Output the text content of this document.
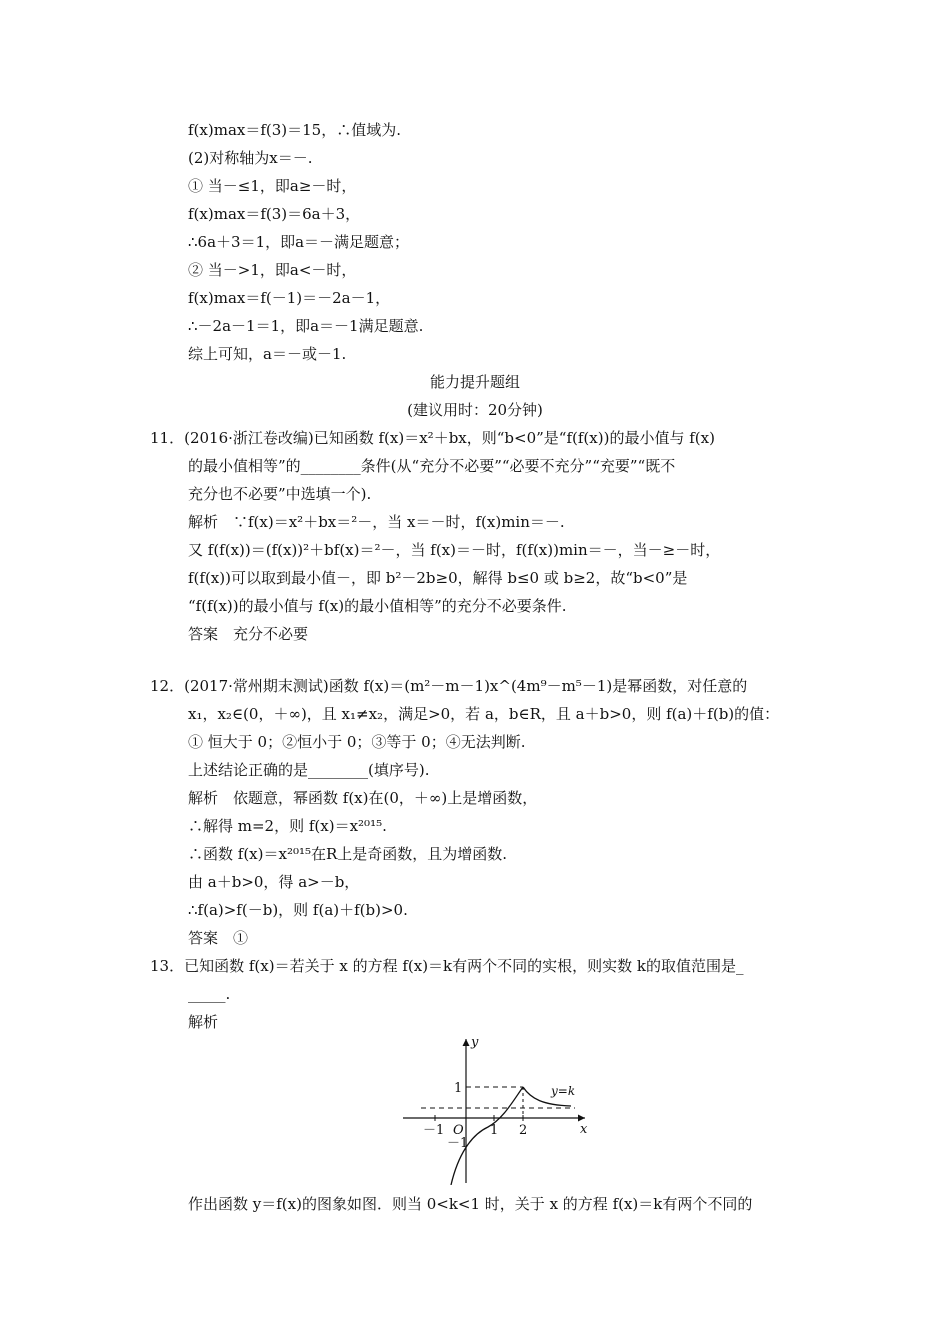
f(x)max＝f(3)＝15，∴值域为.
(2)对称轴为x＝－.
① 当－≤1，即a≥－时，
f(x)max＝f(3)＝6a＋3，
∴6a＋3＝1，即a＝－满足题意；
② 当－>1，即a<－时，
f(x)max＝f(－1)＝－2a－1，
∴－2a－1＝1，即a＝－1满足题意.
综上可知，a＝－或－1.
能力提升题组
(建议用时：20分钟)
11．(2016·浙江卷改编)已知函数 f(x)＝x²＋bx，则“b<0”是“f(f(x))的最小值与 f(x)
的最小值相等”的________条件(从“充分不必要”“必要不充分”“充要”“既不
充分也不必要”中选填一个).
解析　∵f(x)＝x²＋bx＝²－，当 x＝－时，f(x)min＝－.
又 f(f(x))＝(f(x))²＋bf(x)＝²－，当 f(x)＝－时，f(f(x))min＝－，当－≥－时，
f(f(x))可以取到最小值－，即 b²－2b≥0，解得 b≤0 或 b≥2，故“b<0”是
“f(f(x))的最小值与 f(x)的最小值相等”的充分不必要条件.
答案　充分不必要
12．(2017·常州期末测试)函数 f(x)＝(m²－m－1)x^(4m⁹－m⁵－1)是幂函数，对任意的
x₁，x₂∈(0，＋∞)，且 x₁≠x₂，满足>0，若 a，b∈R，且 a＋b>0，则 f(a)＋f(b)的值：
① 恒大于 0；②恒小于 0；③等于 0；④无法判断.
上述结论正确的是________(填序号).
解析　依题意，幂函数 f(x)在(0，＋∞)上是增函数，
∴解得 m=2，则 f(x)＝x²⁰¹⁵.
∴函数 f(x)＝x²⁰¹⁵在R上是奇函数，且为增函数.
由 a＋b>0，得 a>－b，
∴f(a)>f(－b)，则 f(a)＋f(b)>0.
答案　①
13．已知函数 f(x)＝若关于 x 的方程 f(x)＝k有两个不同的实根，则实数 k的取值范围是_
_____.
解析
y
x
y=k
1
－1 O
－1
1 2
作出函数 y＝f(x)的图象如图．则当 0<k<1 时，关于 x 的方程 f(x)＝k有两个不同的
